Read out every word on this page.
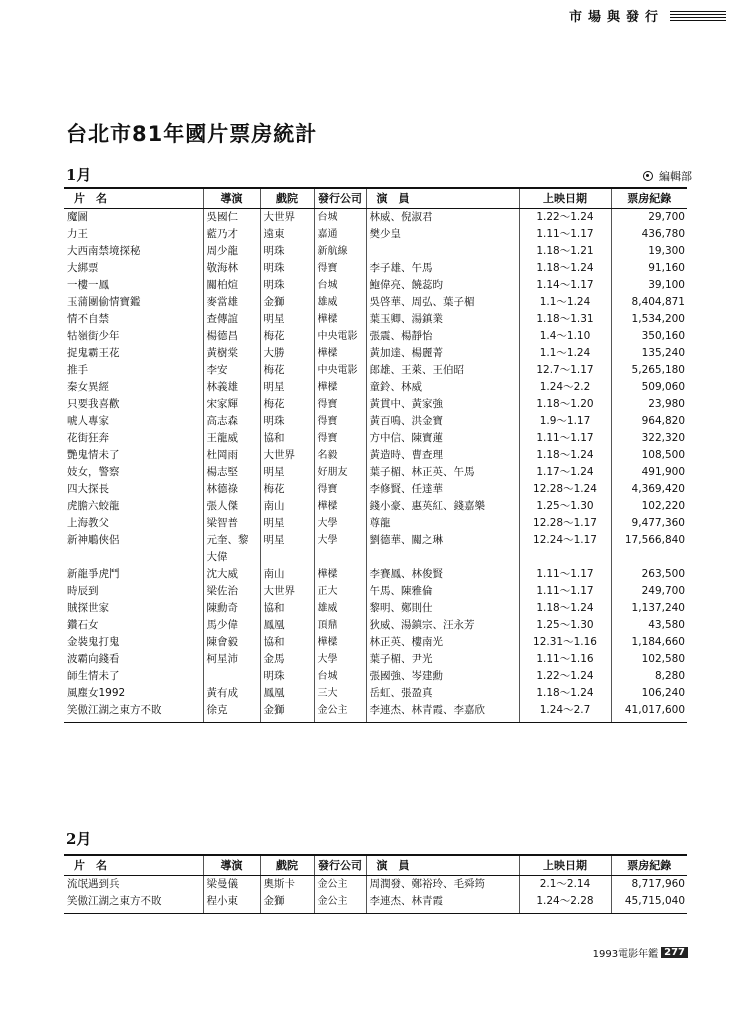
市場與發行
台北市81年國片票房統計
1月	編輯部
片　名	導演	戲院	發行公司	演　員	上映日期	票房紀錄
魔圖	吳國仁	大世界	台城	林威、倪淑君	1.22～1.24	29,700
力王	藍乃才	遠東	嘉通	樊少皇	1.11～1.17	436,780
大西南禁境探秘	周少龍	明珠	新航線		1.18～1.21	19,300
大綁票	敬海林	明珠	得寶	李子雄、午馬	1.18～1.24	91,160
一樓一鳳	關柏煊	明珠	台城	鮑偉亮、饒蕊昀	1.14～1.17	39,100
玉蒲團偷情寶鑑	麥當雄	金獅	雄威	吳啓華、周弘、葉子楣	1.1～1.24	8,404,871
情不自禁	查傳誼	明星	樺樑	葉玉卿、湯鎮業	1.18～1.31	1,534,200
牯嶺街少年	楊德昌	梅花	中央電影	張震、楊靜怡	1.4～1.10	350,160
捉鬼霸王花	黃樹棠	大勝	樺樑	黃加達、楊麗菁	1.1～1.24	135,240
推手	李安	梅花	中央電影	郎雄、王萊、王伯昭	12.7～1.17	5,265,180
秦女異經	林義雄	明星	樺樑	童鈴、林威	1.24～2.2	509,060
只要我喜歡	宋家輝	梅花	得寶	黃貫中、黃家強	1.18～1.20	23,980
唬人專家	高志森	明珠	得寶	黃百鳴、洪金寶	1.9～1.17	964,820
花街狂奔	王龍威	協和	得寶	方中信、陳寶蓮	1.11～1.17	322,320
艷鬼情未了	杜岡雨	大世界	名毅	黃造時、曹查理	1.18～1.24	108,500
妓女，警察	楊志堅	明星	好朋友	葉子楣、林正英、午馬	1.17～1.24	491,900
四大探長	林德祿	梅花	得寶	李修賢、任達華	12.28～1.24	4,369,420
虎膽六蛟龍	張人傑	南山	樺樑	錢小豪、惠英紅、錢嘉樂	1.25～1.30	102,220
上海教父	梁智普	明星	大學	尊龍	12.28～1.17	9,477,360
新神鵰俠侶	元奎、黎大偉	明星	大學	劉德華、關之琳	12.24～1.17	17,566,840
新龍爭虎鬥	沈大威	南山	樺樑	李賽鳳、林俊賢	1.11～1.17	263,500
時辰到	梁佐治	大世界	正大	午馬、陳雅倫	1.11～1.17	249,700
賊探世家	陳勳奇	協和	雄威	黎明、鄭則仕	1.18～1.24	1,137,240
鑽石女	馬少偉	鳳凰	頂鼎	狄威、湯鎮宗、汪永芳	1.25～1.30	43,580
金裝鬼打鬼	陳會毅	協和	樺樑	林正英、樓南光	12.31～1.16	1,184,660
波霸向錢看	柯星沛	金馬	大學	葉子楣、尹光	1.11～1.16	102,580
師生情未了		明珠	台城	張國強、岑建勳	1.22～1.24	8,280
風塵女1992	黃有成	鳳凰	三大	岳虹、張盈真	1.18～1.24	106,240
笑傲江湖之東方不敗	徐克	金獅	金公主	李連杰、林青霞、李嘉欣	1.24～2.7	41,017,600
2月
片　名	導演	戲院	發行公司	演　員	上映日期	票房紀錄
流氓遇到兵	梁曼儀	奧斯卡	金公主	周潤發、鄭裕玲、毛舜筠	2.1～2.14	8,717,960
笑傲江湖之東方不敗	程小東	金獅	金公主	李連杰、林青霞	1.24～2.28	45,715,040
1993電影年鑑 277
